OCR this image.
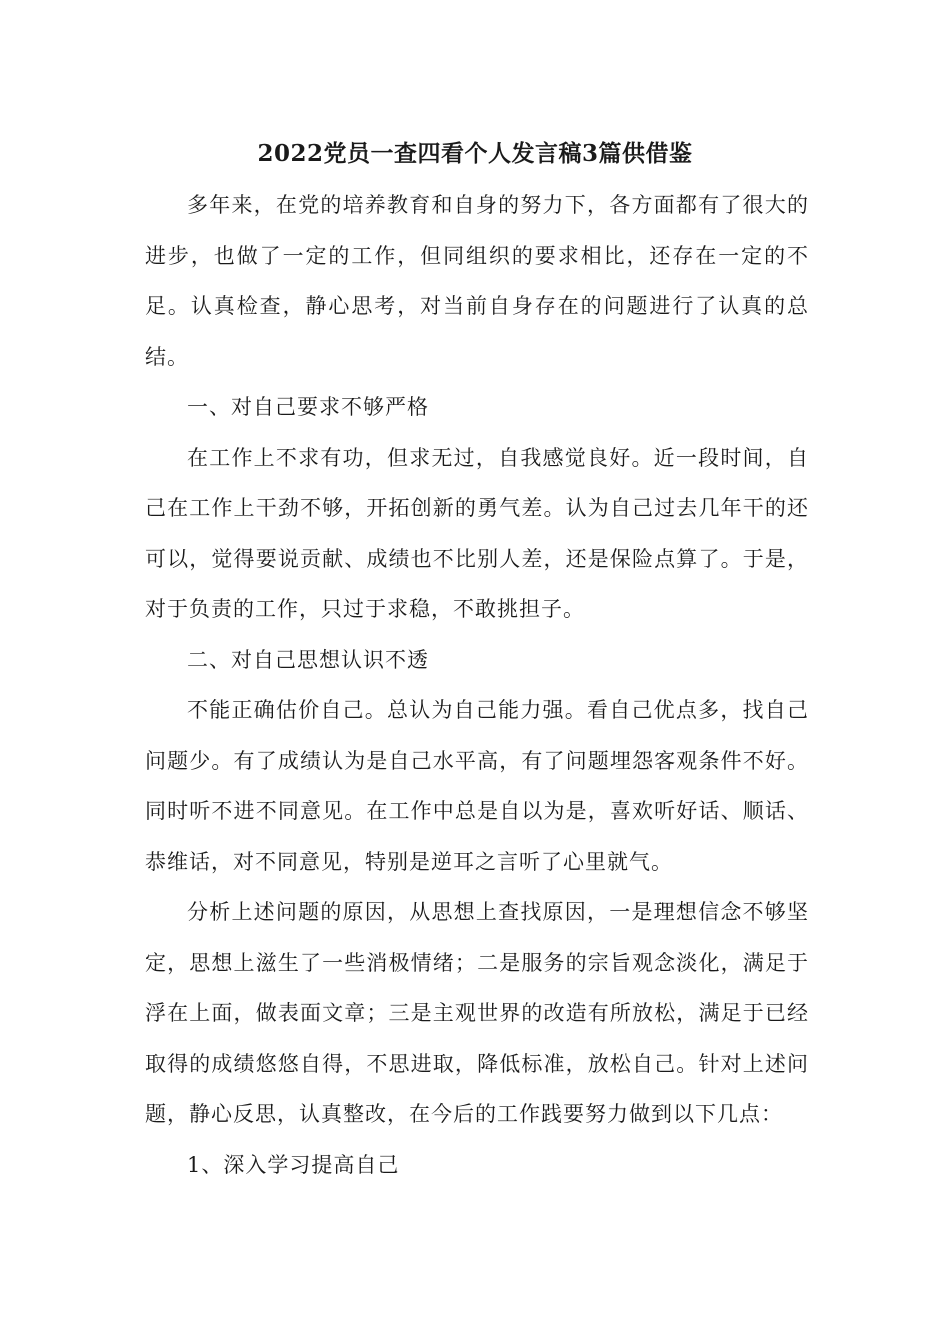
2022党员一查四看个人发言稿3篇供借鉴

多年来，在党的培养教育和自身的努力下，各方面都有了很大的进步，也做了一定的工作，但同组织的要求相比，还存在一定的不足。认真检查，静心思考，对当前自身存在的问题进行了认真的总结。

一、对自己要求不够严格

在工作上不求有功，但求无过，自我感觉良好。近一段时间，自己在工作上干劲不够，开拓创新的勇气差。认为自己过去几年干的还可以，觉得要说贡献、成绩也不比别人差，还是保险点算了。于是，对于负责的工作，只过于求稳，不敢挑担子。

二、对自己思想认识不透

不能正确估价自己。总认为自己能力强。看自己优点多，找自己问题少。有了成绩认为是自己水平高，有了问题埋怨客观条件不好。同时听不进不同意见。在工作中总是自以为是，喜欢听好话、顺话、恭维话，对不同意见，特别是逆耳之言听了心里就气。

分析上述问题的原因，从思想上查找原因，一是理想信念不够坚定，思想上滋生了一些消极情绪；二是服务的宗旨观念淡化，满足于浮在上面，做表面文章；三是主观世界的改造有所放松，满足于已经取得的成绩悠悠自得，不思进取，降低标准，放松自己。针对上述问题，静心反思，认真整改，在今后的工作践要努力做到以下几点：

1、深入学习提高自己
